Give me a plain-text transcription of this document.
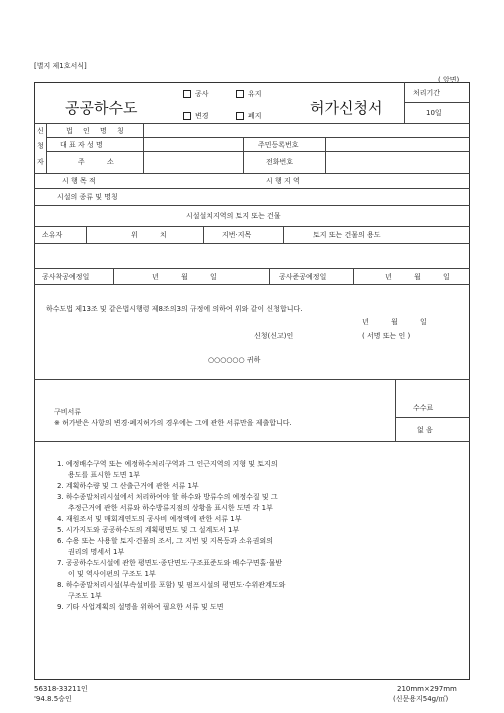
[별지 제1호서식]
( 앞면)
공공하수도
공사	유지
변경	폐지	허가신청서
처리기간
10일
신
청
자
법 인 명 칭
대 표 자 성 명	주민등록번호
주 소	전화번호
시 행 목 적	시 행 지 역
시설의 종류 및 명칭
시설설치지역의 토지 또는 건물
소유자	위 치	지번·지목	토지 또는 건물의 용도
공사착공예정일	년 월 일	공사준공예정일	년 월 일
하수도법 제13조 및 같은법시행령 제8조의3의 규정에 의하여 위와 같이 신청합니다.
년 월 일
신청(신고)인	( 서명 또는 인 )
○○○○○○ 귀하
구비서류
※ 허가받은 사항의 변경·폐지허가의 경우에는 그에 관한 서류만을 제출합니다.
수수료
없 음
1. 예정배수구역 또는 예정하수처리구역과 그 인근지역의 지형 및 토지의
용도를 표시한 도면 1부
2. 계획하수량 및 그 산출근거에 관한 서류 1부
3. 하수종말처리시설에서 처리하여야 할 하수와 방류수의 예정수질 및 그
추정근거에 관한 서류와 하수방류지점의 상황을 표시한 도면 각 1부
4. 재원조서 및 매회계연도의 공사비 예정액에 관한 서류 1부
5. 시가지도와 공공하수도의 계획평면도 및 그 설계도서 1부
6. 수용 또는 사용할 토지·건물의 조서, 그 지번 및 지목등과 소유권외의
권리의 명세서 1부
7. 공공하수도시설에 관한 평면도·종단면도·구조표준도와 배수구면홀·물받
이 및 역사이펀의 구조도 1부
8. 하수종말처리시설(부속설비를 포함) 및 펌프시설의 평면도·수위관계도와
구조도 1부
9. 기타 사업계획의 설명을 위하여 필요한 서류 및 도면
56318-33211인
'94.8.5승인
210mm×297mm
(신문용지54g/㎡)
